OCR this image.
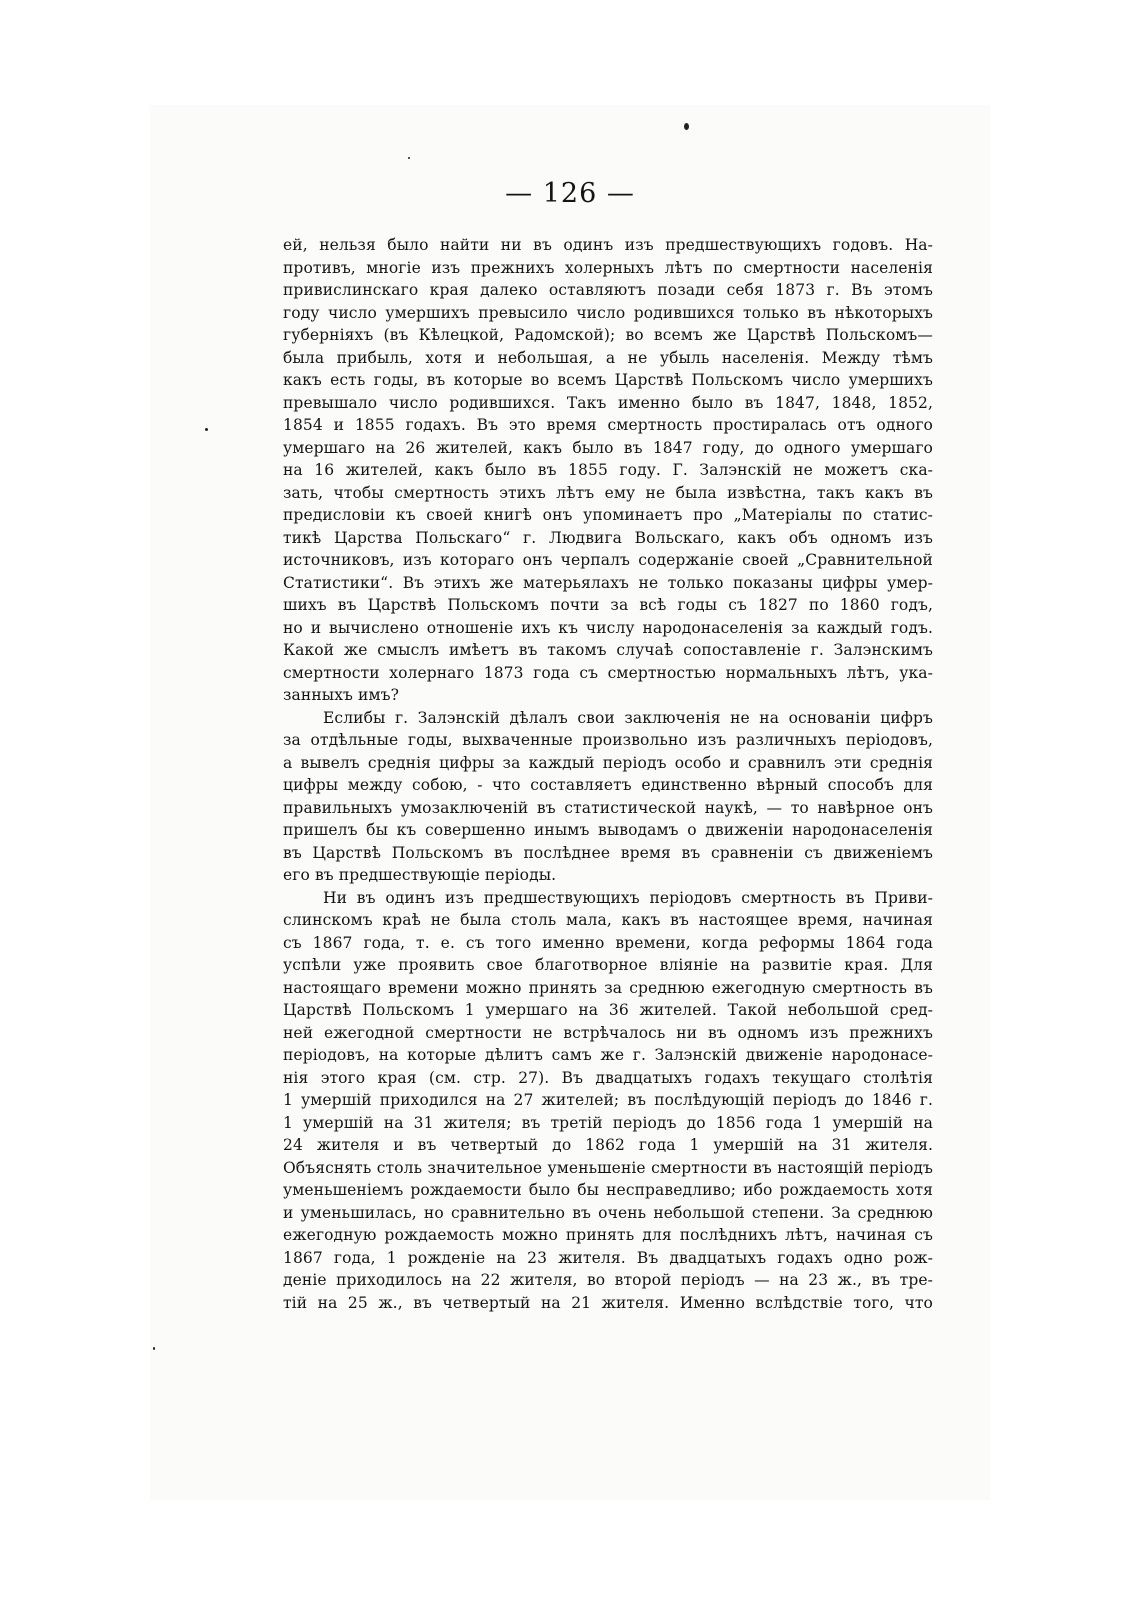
— 126 —
ей, нельзя было найти ни въ одинъ изъ предшествующихъ годовъ. На-
противъ, многіе изъ прежнихъ холерныхъ лѣтъ по смертности населенія
привислинскаго края далеко оставляютъ позади себя 1873 г. Въ этомъ
году число умершихъ превысило число родившихся только въ нѣкоторыхъ
губерніяхъ (въ Кѣлецкой, Радомской); во всемъ же Царствѣ Польскомъ—
была прибыль, хотя и небольшая, а не убыль населенія. Между тѣмъ
какъ есть годы, въ которые во всемъ Царствѣ Польскомъ число умершихъ
превышало число родившихся. Такъ именно было въ 1847, 1848, 1852,
1854 и 1855 годахъ. Въ это время смертность простиралась отъ одного
умершаго на 26 жителей, какъ было въ 1847 году, до одного умершаго
на 16 жителей, какъ было въ 1855 году. Г. Залэнскій не можетъ ска-
зать, чтобы смертность этихъ лѣтъ ему не была извѣстна, такъ какъ въ
предисловіи къ своей книгѣ онъ упоминаетъ про „Матеріалы по статис-
тикѣ Царства Польскаго“ г. Людвига Вольскаго, какъ объ одномъ изъ
источниковъ, изъ котораго онъ черпалъ содержаніе своей „Сравнительной
Статистики“. Въ этихъ же матерьялахъ не только показаны цифры умер-
шихъ въ Царствѣ Польскомъ почти за всѣ годы съ 1827 по 1860 годъ,
но и вычислено отношеніе ихъ къ числу народонаселенія за каждый годъ.
Какой же смыслъ имѣетъ въ такомъ случаѣ сопоставленіе г. Залэнскимъ
смертности холернаго 1873 года съ смертностью нормальныхъ лѣтъ, ука-
занныхъ имъ?
Еслибы г. Залэнскій дѣлалъ свои заключенія не на основаніи цифръ
за отдѣльные годы, выхваченные произвольно изъ различныхъ періодовъ,
а вывелъ среднія цифры за каждый періодъ особо и сравнилъ эти среднія
цифры между собою, - что составляетъ единственно вѣрный способъ для
правильныхъ умозаключеній въ статистической наукѣ, — то навѣрное онъ
пришелъ бы къ совершенно инымъ выводамъ о движеніи народонаселенія
въ Царствѣ Польскомъ въ послѣднее время въ сравненіи съ движеніемъ
его въ предшествующіе періоды.
Ни въ одинъ изъ предшествующихъ періодовъ смертность въ Приви-
слинскомъ краѣ не была столь мала, какъ въ настоящее время, начиная
съ 1867 года, т. е. съ того именно времени, когда реформы 1864 года
успѣли уже проявить свое благотворное вліяніе на развитіе края. Для
настоящаго времени можно принять за среднюю ежегодную смертность въ
Царствѣ Польскомъ 1 умершаго на 36 жителей. Такой небольшой сред-
ней ежегодной смертности не встрѣчалось ни въ одномъ изъ прежнихъ
періодовъ, на которые дѣлитъ самъ же г. Залэнскій движеніе народонасе-
нія этого края (см. стр. 27). Въ двадцатыхъ годахъ текущаго столѣтія
1 умершій приходился на 27 жителей; въ послѣдующій періодъ до 1846 г.
1 умершій на 31 жителя; въ третій періодъ до 1856 года 1 умершій на
24 жителя и въ четвертый до 1862 года 1 умершій на 31 жителя.
Объяснять столь значительное уменьшеніе смертности въ настоящій періодъ
уменьшеніемъ рождаемости было бы несправедливо; ибо рождаемость хотя
и уменьшилась, но сравнительно въ очень небольшой степени. За среднюю
ежегодную рождаемость можно принять для послѣднихъ лѣтъ, начиная съ
1867 года, 1 рожденіе на 23 жителя. Въ двадцатыхъ годахъ одно рож-
деніе приходилось на 22 жителя, во второй періодъ — на 23 ж., въ тре-
тій на 25 ж., въ четвертый на 21 жителя. Именно вслѣдствіе того, что
